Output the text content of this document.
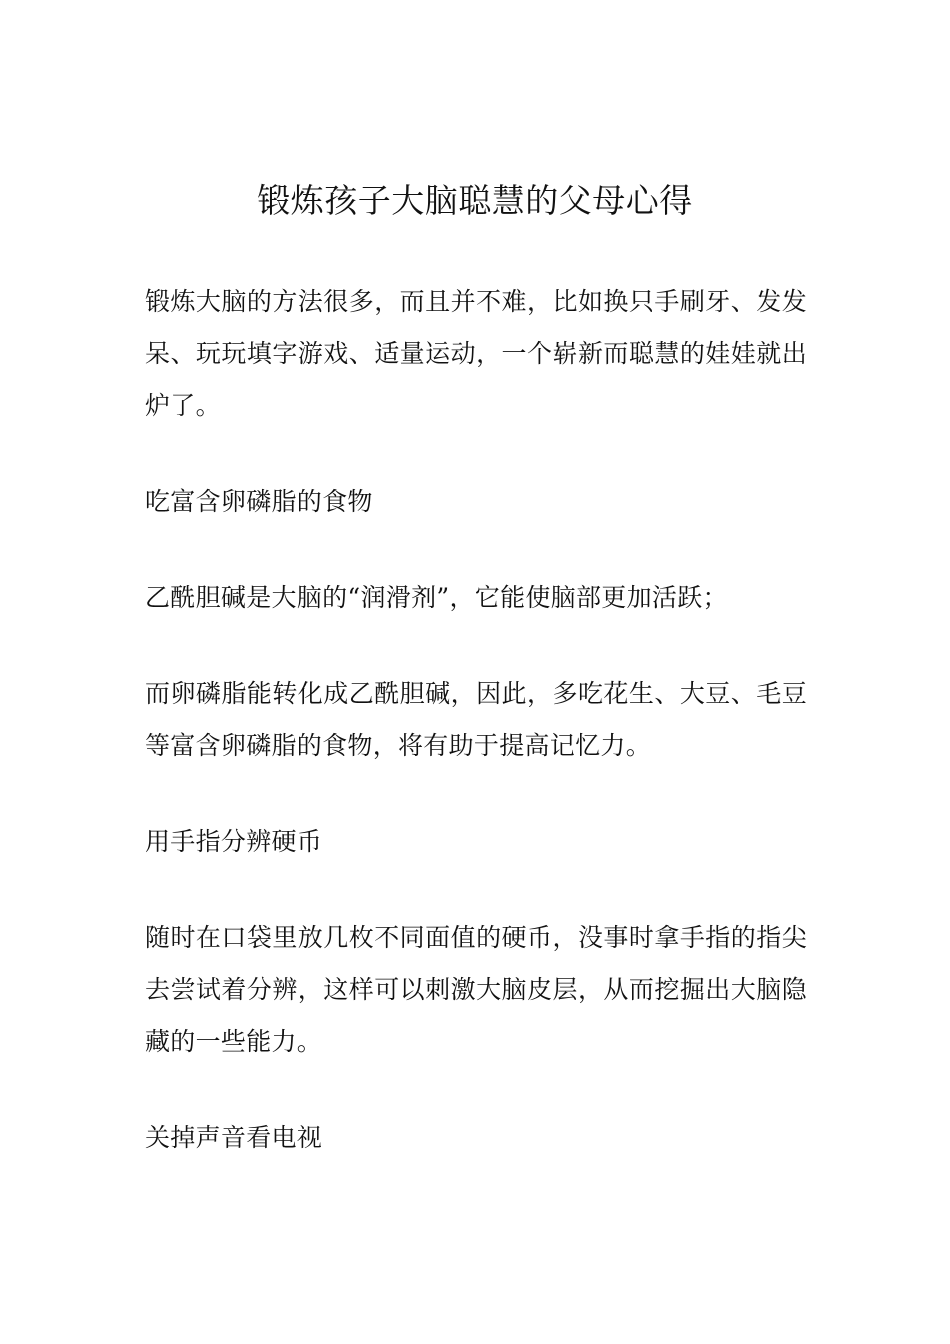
锻炼孩子大脑聪慧的父母心得

锻炼大脑的方法很多，而且并不难，比如换只手刷牙、发发呆、玩玩填字游戏、适量运动，一个崭新而聪慧的娃娃就出炉了。

吃富含卵磷脂的食物

乙酰胆碱是大脑的“润滑剂”，它能使脑部更加活跃；

而卵磷脂能转化成乙酰胆碱，因此，多吃花生、大豆、毛豆等富含卵磷脂的食物，将有助于提高记忆力。

用手指分辨硬币

随时在口袋里放几枚不同面值的硬币，没事时拿手指的指尖去尝试着分辨，这样可以刺激大脑皮层，从而挖掘出大脑隐藏的一些能力。

关掉声音看电视
